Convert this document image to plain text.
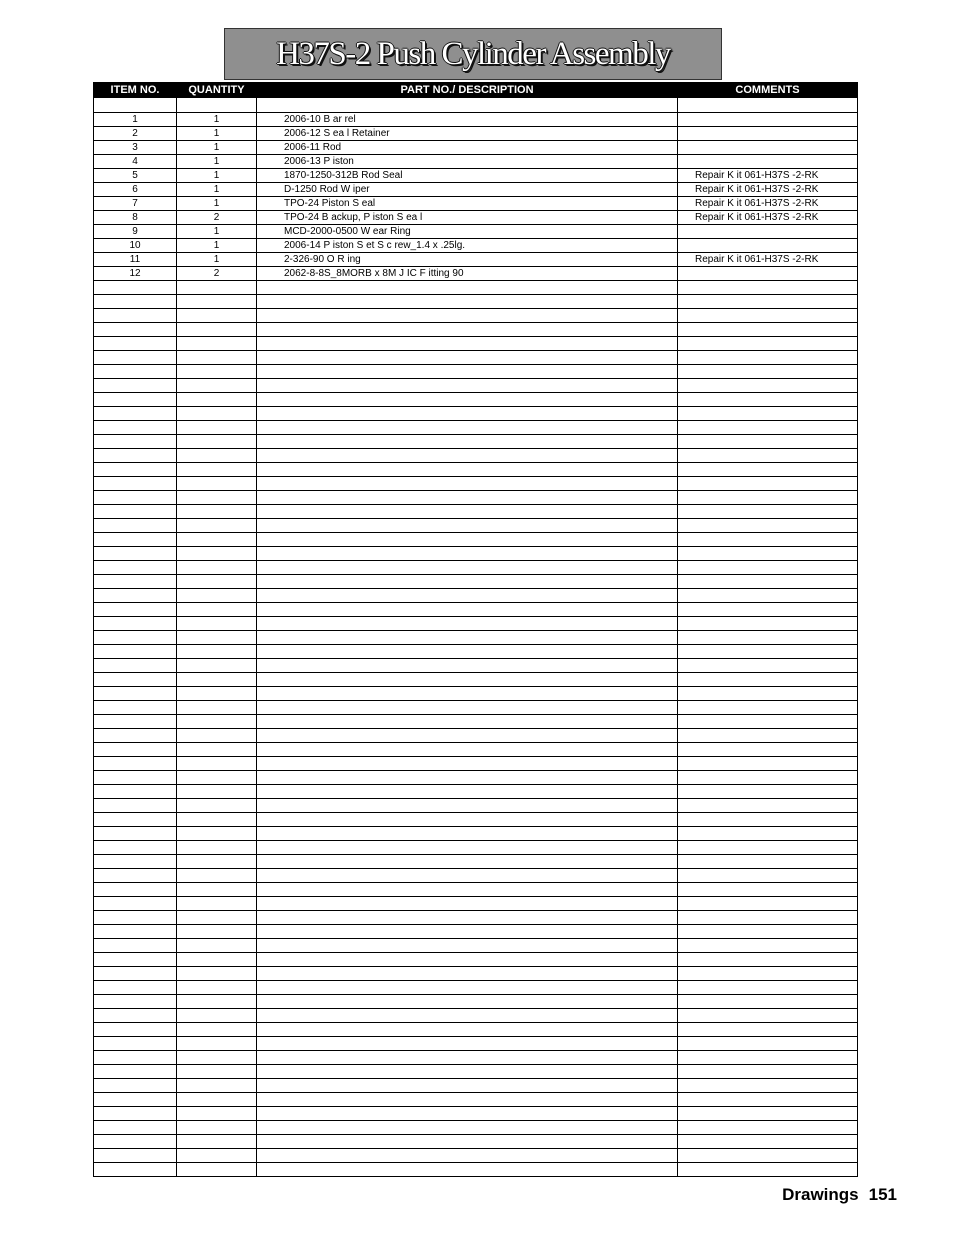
H37S-2 Push Cylinder Assembly
ITEM NO.	QUANTITY	PART NO./ DESCRIPTION	COMMENTS

1	1	2006-10 B ar rel	
2	1	2006-12 S ea l Retainer	
3	1	2006-11 Rod	
4	1	2006-13 P iston	
5	1	1870-1250-312B Rod Seal	Repair K it 061-H37S -2-RK
6	1	D-1250 Rod W iper	Repair K it 061-H37S -2-RK
7	1	TPO-24 Piston S eal	Repair K it 061-H37S -2-RK
8	2	TPO-24 B ackup, P iston S ea l	Repair K it 061-H37S -2-RK
9	1	MCD-2000-0500 W ear Ring	
10	1	2006-14 P iston S et S c rew_1.4 x .25lg.	
11	1	2-326-90 O R ing	Repair K it 061-H37S -2-RK
12	2	2062-8-8S_8MORB x 8M J IC F itting 90	

Drawings 151
